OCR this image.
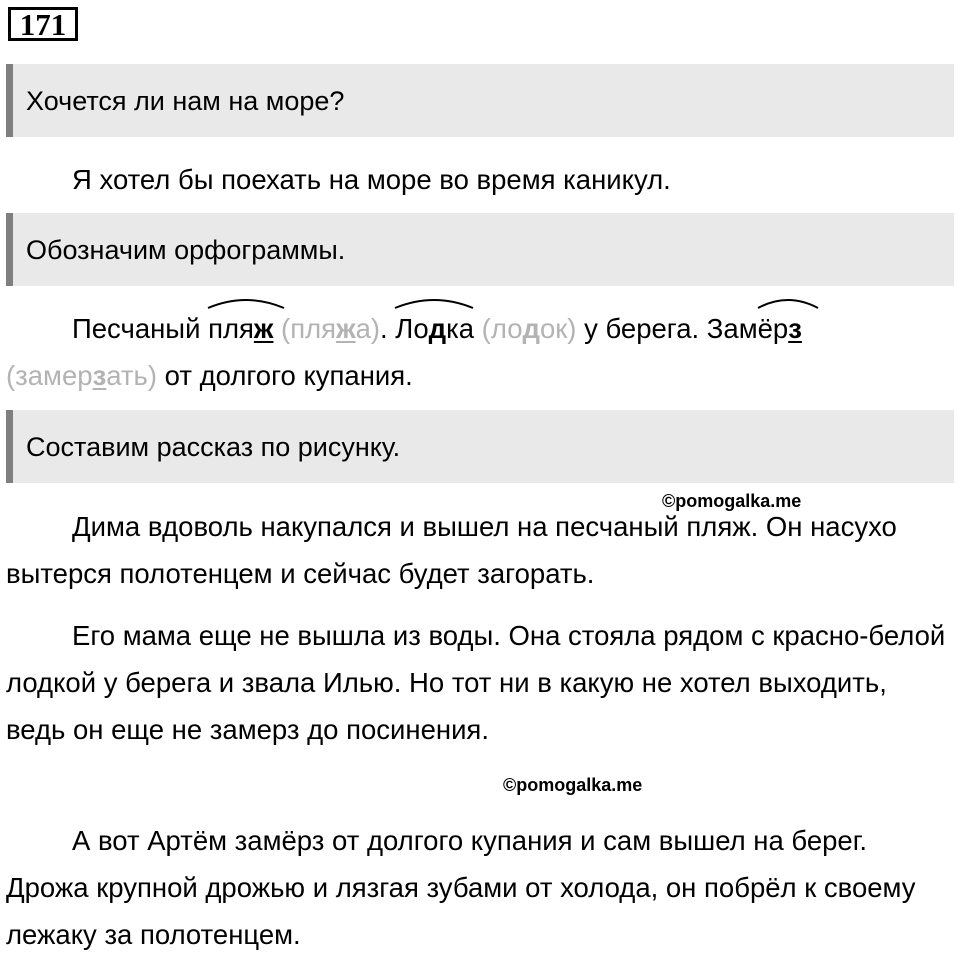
171
Хочется ли нам на море?

Я хотел бы поехать на море во время каникул.

Обозначим орфограммы.

Песчаный
пляж (пляжа).
Лодка (лодок) у берега. Зам
ёрз
(замерзать) от долгого купания.

Составим рассказ по рисунку.
©pomogalka.me

Дима вдоволь накупался и вышел на песчаный пляж. Он насухо вытерся полотенцем и сейчас будет загорать.

Его мама еще не вышла из воды. Она стояла рядом с красно-белой лодкой у берега и звала Илью. Но тот ни в какую не хотел выходить, ведь он еще не замерз до посинения.

©pomogalka.me

А вот Артём замёрз от долгого купания и сам вышел на берег. Дрожа крупной дрожью и лязгая зубами от холода, он побрёл к своему лежаку за полотенцем.
